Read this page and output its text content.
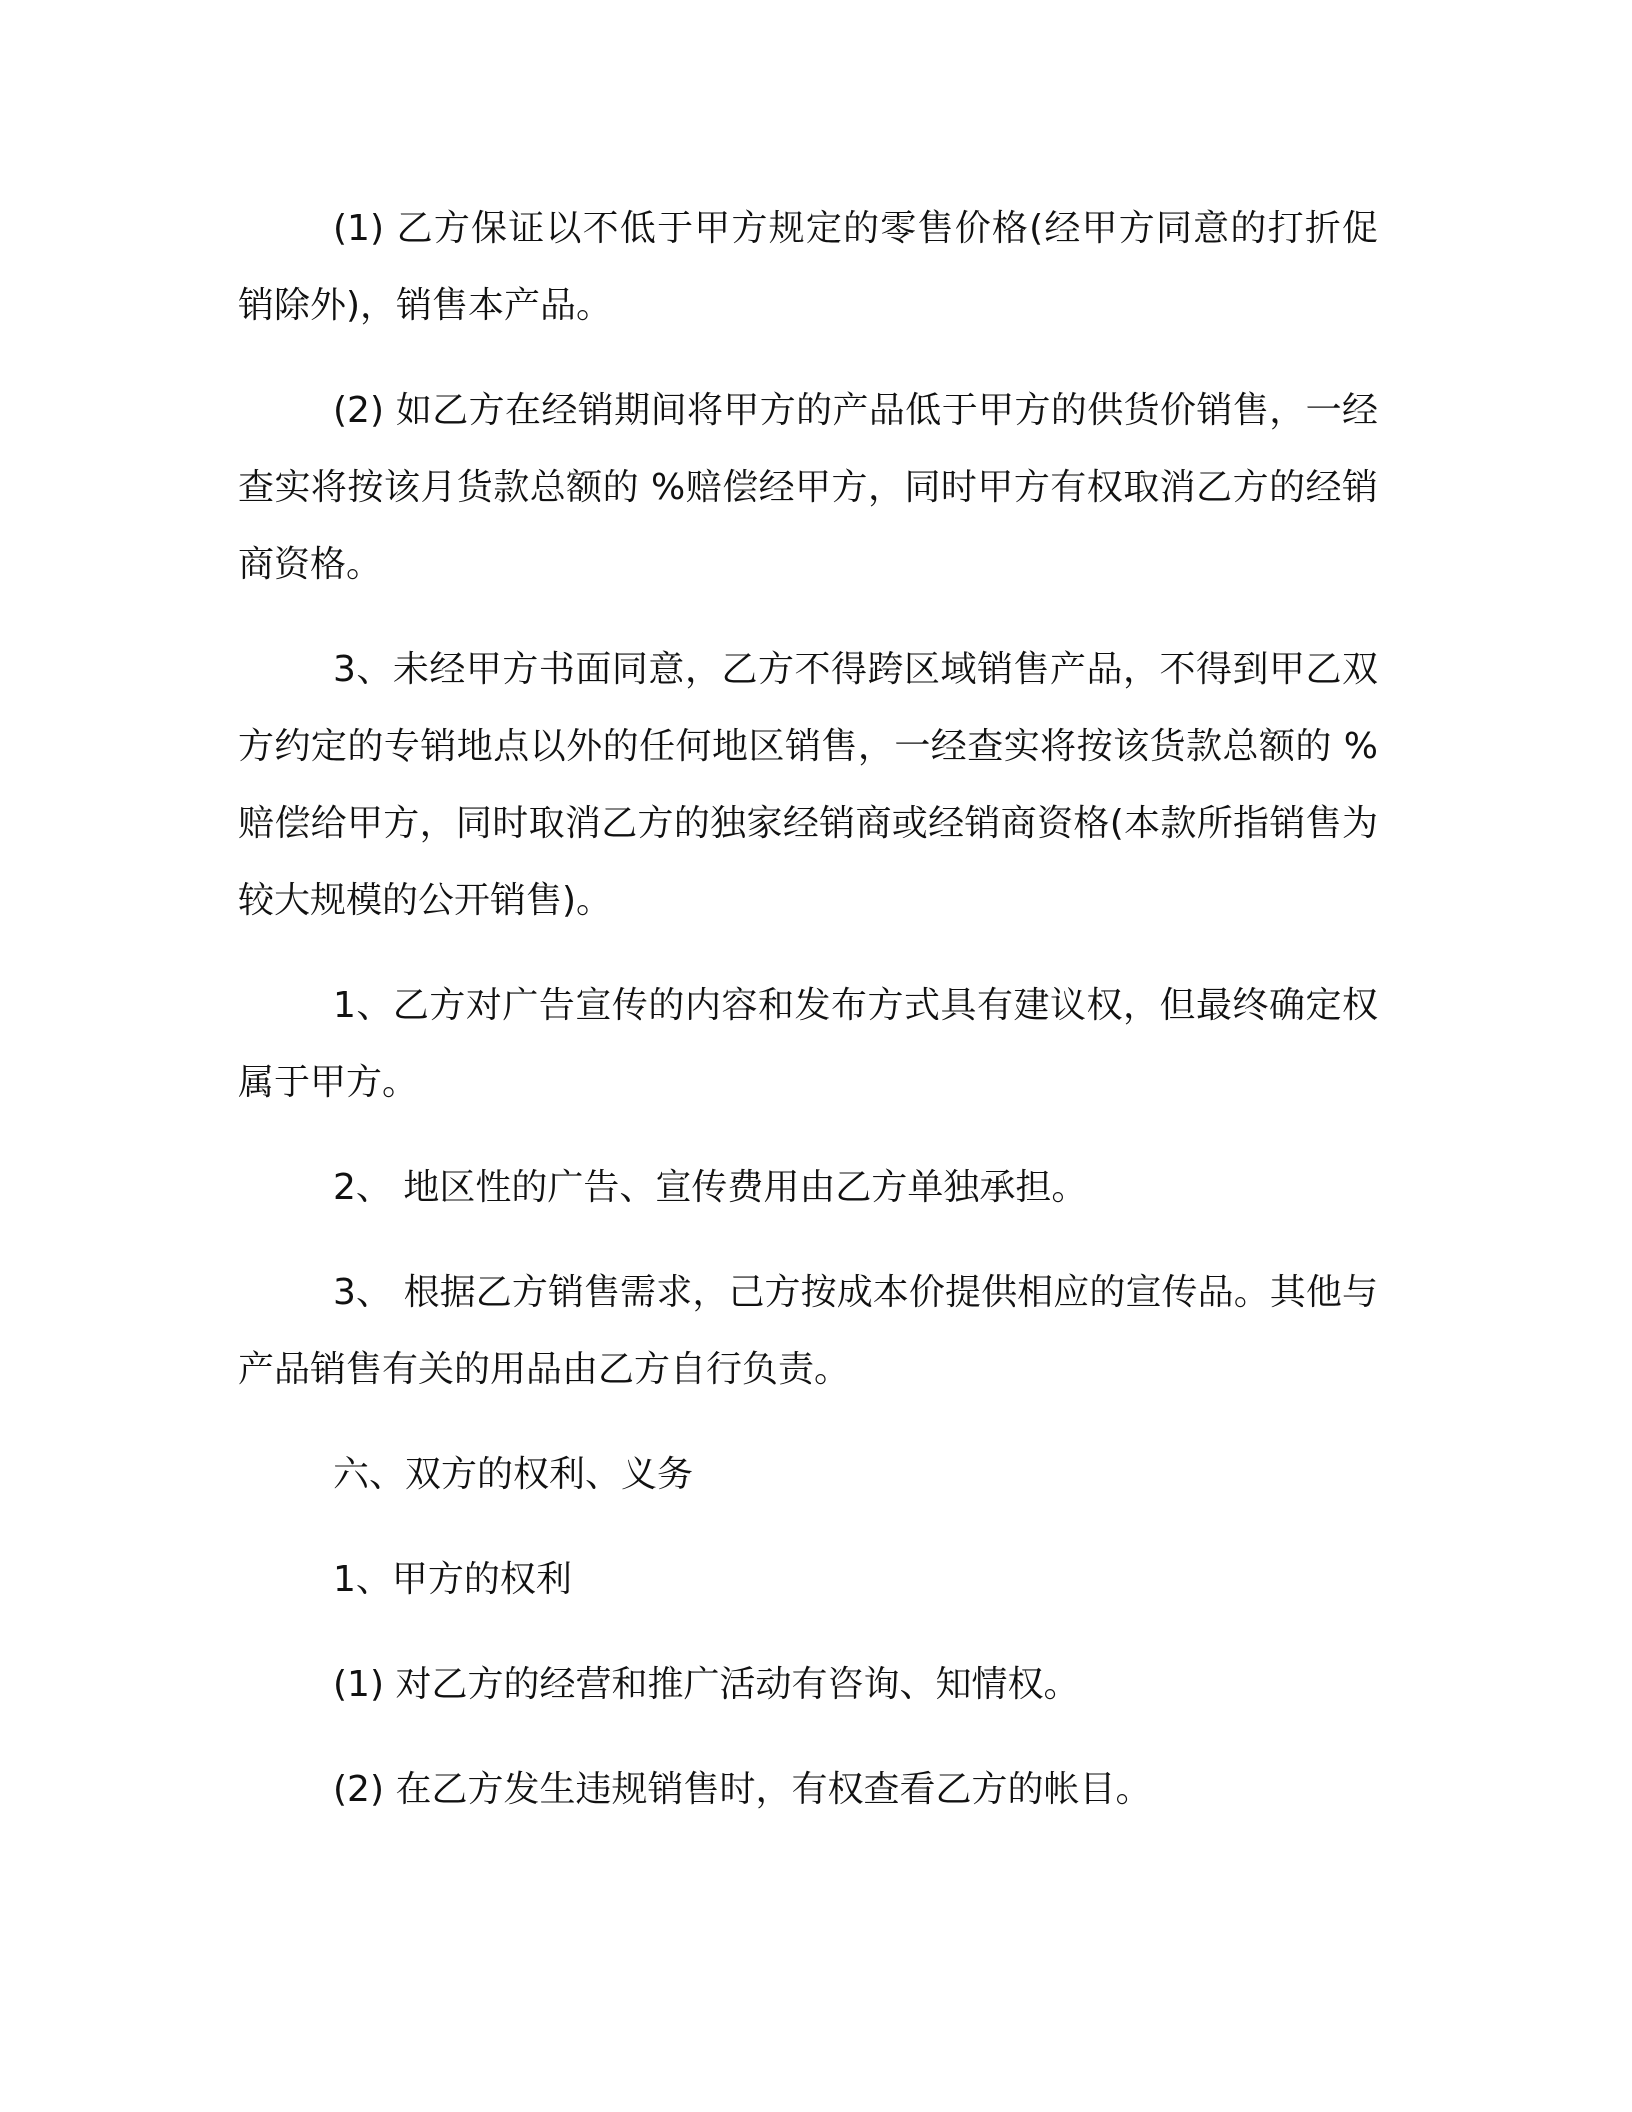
(1) 乙方保证以不低于甲方规定的零售价格(经甲方同意的打折促销除外)，销售本产品。

(2) 如乙方在经销期间将甲方的产品低于甲方的供货价销售，一经查实将按该月货款总额的 %赔偿经甲方，同时甲方有权取消乙方的经销商资格。

3、未经甲方书面同意，乙方不得跨区域销售产品，不得到甲乙双方约定的专销地点以外的任何地区销售，一经查实将按该货款总额的 %赔偿给甲方，同时取消乙方的独家经销商或经销商资格(本款所指销售为较大规模的公开销售)。

1、乙方对广告宣传的内容和发布方式具有建议权，但最终确定权属于甲方。

2、 地区性的广告、宣传费用由乙方单独承担。

3、 根据乙方销售需求，己方按成本价提供相应的宣传品。其他与产品销售有关的用品由乙方自行负责。

六、双方的权利、义务

1、甲方的权利

(1) 对乙方的经营和推广活动有咨询、知情权。

(2) 在乙方发生违规销售时，有权查看乙方的帐目。
